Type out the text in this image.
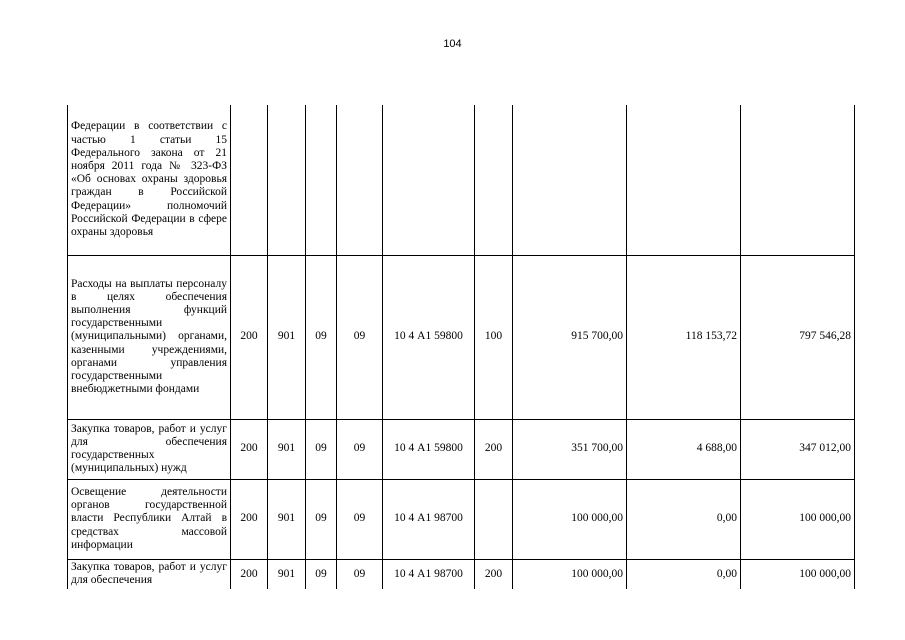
104
Федерации в соответствии с частью 1 статьи 15 Федерального закона от 21 ноября 2011 года № 323-ФЗ «Об основах охраны здоровья граждан в Российской Федерации» полномочий Российской Федерации в сфере охраны здоровья									

Расходы на выплаты персоналу в целях обеспечения выполнения функций государственными (муниципальными) органами, казенными учреждениями, органами управления государственными внебюджетными фондами	200	901	09	09	10 4 А1 59800	100	915 700,00	118 153,72	797 546,28

Закупка товаров, работ и услуг для обеспечения государственных (муниципальных) нужд	200	901	09	09	10 4 А1 59800	200	351 700,00	4 688,00	347 012,00

Освещение деятельности органов государственной власти Республики Алтай в средствах массовой информации	200	901	09	09	10 4 А1 98700		100 000,00	0,00	100 000,00

Закупка товаров, работ и услуг для обеспечения	200	901	09	09	10 4 А1 98700	200	100 000,00	0,00	100 000,00
